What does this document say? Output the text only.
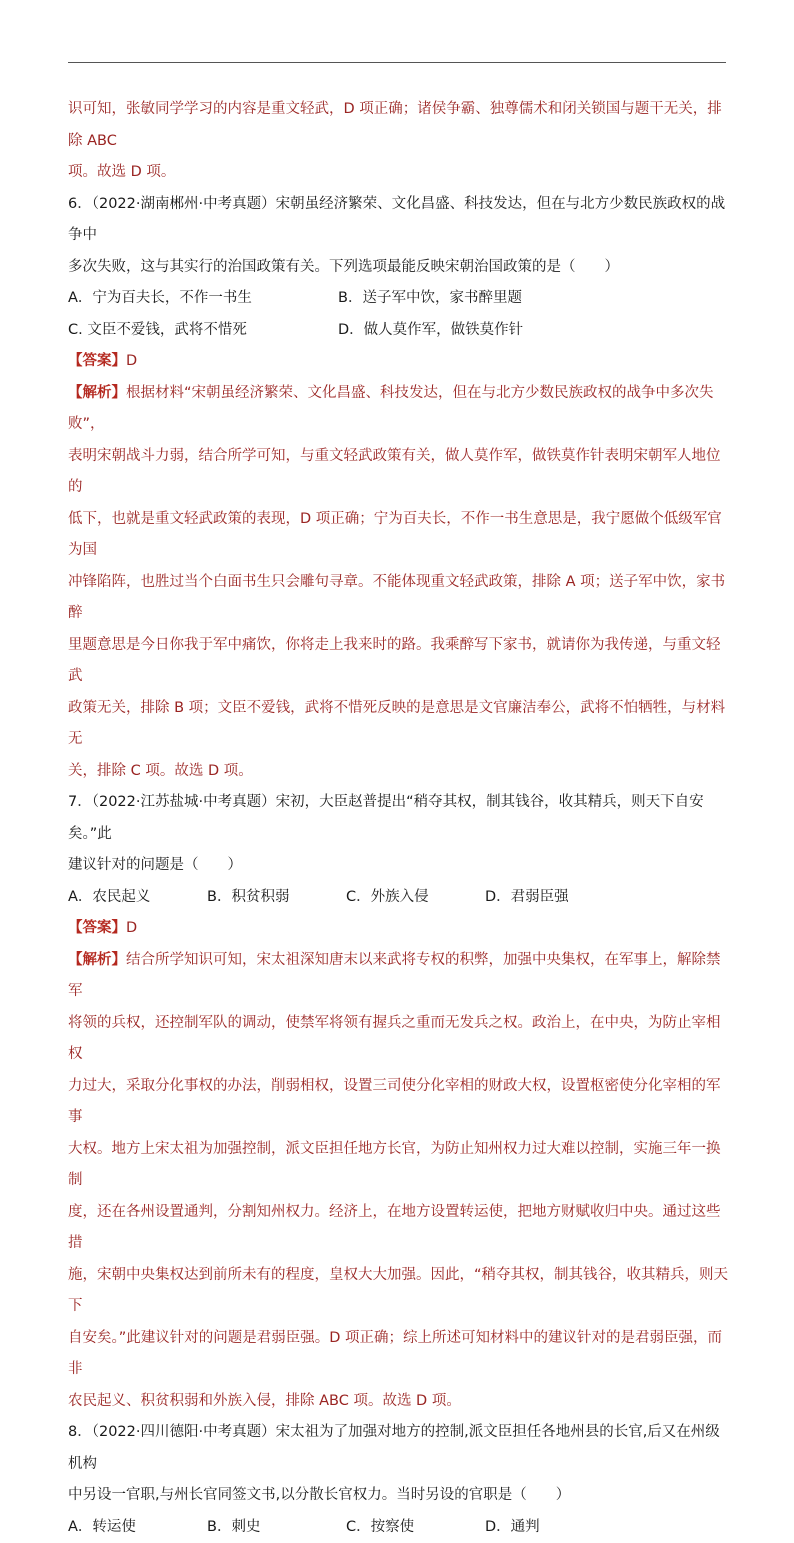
识可知，张敏同学学习的内容是重文轻武，D 项正确；诸侯争霸、独尊儒术和闭关锁国与题干无关，排除 ABC

项。故选 D 项。

6．（2022·湖南郴州·中考真题）宋朝虽经济繁荣、文化昌盛、科技发达，但在与北方少数民族政权的战争中

多次失败，这与其实行的治国政策有关。下列选项最能反映宋朝治国政策的是（　　）

A．宁为百夫长，不作一书生	B．送子军中饮，家书醉里题
C. 文臣不爱钱，武将不惜死	D．做人莫作军，做铁莫作针

【答案】D

【解析】根据材料“宋朝虽经济繁荣、文化昌盛、科技发达，但在与北方少数民族政权的战争中多次失败”，

表明宋朝战斗力弱，结合所学可知，与重文轻武政策有关，做人莫作军，做铁莫作针表明宋朝军人地位的

低下，也就是重文轻武政策的表现，D 项正确；宁为百夫长，不作一书生意思是，我宁愿做个低级军官为国

冲锋陷阵，也胜过当个白面书生只会雕句寻章。不能体现重文轻武政策，排除 A 项；送子军中饮，家书醉

里题意思是今日你我于军中痛饮，你将走上我来时的路。我乘醉写下家书，就请你为我传递，与重文轻武

政策无关，排除 B 项；文臣不爱钱，武将不惜死反映的是意思是文官廉洁奉公，武将不怕牺牲，与材料无

关，排除 C 项。故选 D 项。

7．（2022·江苏盐城·中考真题）宋初，大臣赵普提出“稍夺其权，制其钱谷，收其精兵，则天下自安矣。”此

建议针对的问题是（　　）

A．农民起义	B．积贫积弱	C．外族入侵	D．君弱臣强

【答案】D

【解析】结合所学知识可知，宋太祖深知唐末以来武将专权的积弊，加强中央集权，在军事上，解除禁军

将领的兵权，还控制军队的调动，使禁军将领有握兵之重而无发兵之权。政治上，在中央，为防止宰相权

力过大，采取分化事权的办法，削弱相权，设置三司使分化宰相的财政大权，设置枢密使分化宰相的军事

大权。地方上宋太祖为加强控制，派文臣担任地方长官，为防止知州权力过大难以控制，实施三年一换制

度，还在各州设置通判，分割知州权力。经济上，在地方设置转运使，把地方财赋收归中央。通过这些措

施，宋朝中央集权达到前所未有的程度，皇权大大加强。因此，“稍夺其权，制其钱谷，收其精兵，则天下

自安矣。”此建议针对的问题是君弱臣强。D 项正确；综上所述可知材料中的建议针对的是君弱臣强，而非

农民起义、积贫积弱和外族入侵，排除 ABC 项。故选 D 项。

8．（2022·四川德阳·中考真题）宋太祖为了加强对地方的控制,派文臣担任各地州县的长官,后又在州级机构

中另设一官职,与州长官同签文书,以分散长官权力。当时另设的官职是（　　）

A．转运使	B．刺史	C．按察使	D．通判
